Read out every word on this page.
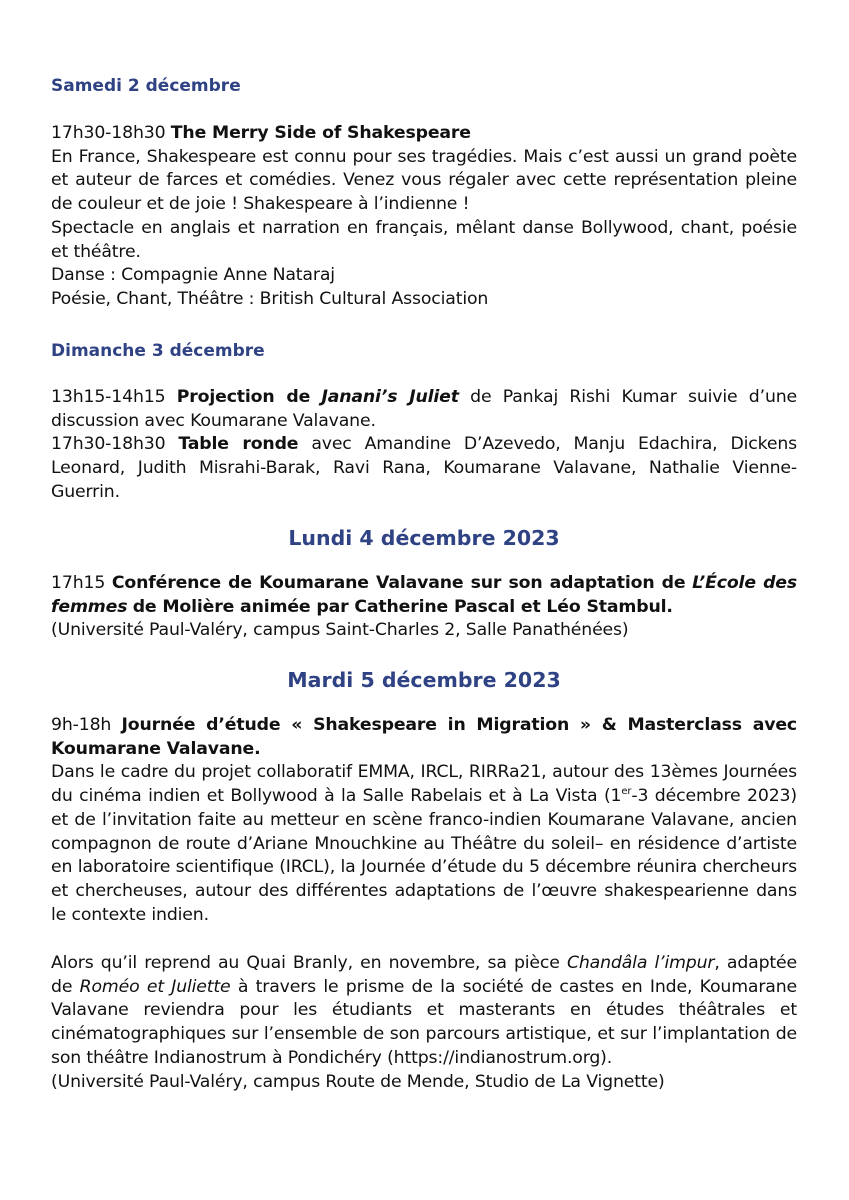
Samedi 2 décembre

17h30-18h30 The Merry Side of Shakespeare
En France, Shakespeare est connu pour ses tragédies. Mais c’est aussi un grand poète et auteur de farces et comédies. Venez vous régaler avec cette représentation pleine de couleur et de joie ! Shakespeare à l’indienne !
Spectacle en anglais et narration en français, mêlant danse Bollywood, chant, poésie et théâtre.
Danse : Compagnie Anne Nataraj
Poésie, Chant, Théâtre : British Cultural Association

Dimanche 3 décembre

13h15-14h15 Projection de Janani’s Juliet de Pankaj Rishi Kumar suivie d’une discussion avec Koumarane Valavane.

17h30-18h30 Table ronde avec Amandine D’Azevedo, Manju Edachira, Dickens Leonard, Judith Misrahi-Barak, Ravi Rana, Koumarane Valavane, Nathalie Vienne-Guerrin.

Lundi 4 décembre 2023

17h15 Conférence de Koumarane Valavane sur son adaptation de L’École des femmes de Molière animée par Catherine Pascal et Léo Stambul.
(Université Paul-Valéry, campus Saint-Charles 2, Salle Panathénées)

Mardi 5 décembre 2023

9h-18h Journée d’étude « Shakespeare in Migration » & Masterclass avec Koumarane Valavane.
Dans le cadre du projet collaboratif EMMA, IRCL, RIRRa21, autour des 13èmes Journées du cinéma indien et Bollywood à la Salle Rabelais et à La Vista (1er-3 décembre 2023) et de l’invitation faite au metteur en scène franco-indien Koumarane Valavane, ancien compagnon de route d’Ariane Mnouchkine au Théâtre du soleil– en résidence d’artiste en laboratoire scientifique (IRCL), la Journée d’étude du 5 décembre réunira chercheurs et chercheuses, autour des différentes adaptations de l’œuvre shakespearienne dans le contexte indien.

Alors qu’il reprend au Quai Branly, en novembre, sa pièce Chandâla l’impur, adaptée de Roméo et Juliette à travers le prisme de la société de castes en Inde, Koumarane Valavane reviendra pour les étudiants et masterants en études théâtrales et cinématographiques sur l’ensemble de son parcours artistique, et sur l’implantation de son théâtre Indianostrum à Pondichéry (https://indianostrum.org).
(Université Paul-Valéry, campus Route de Mende, Studio de La Vignette)
